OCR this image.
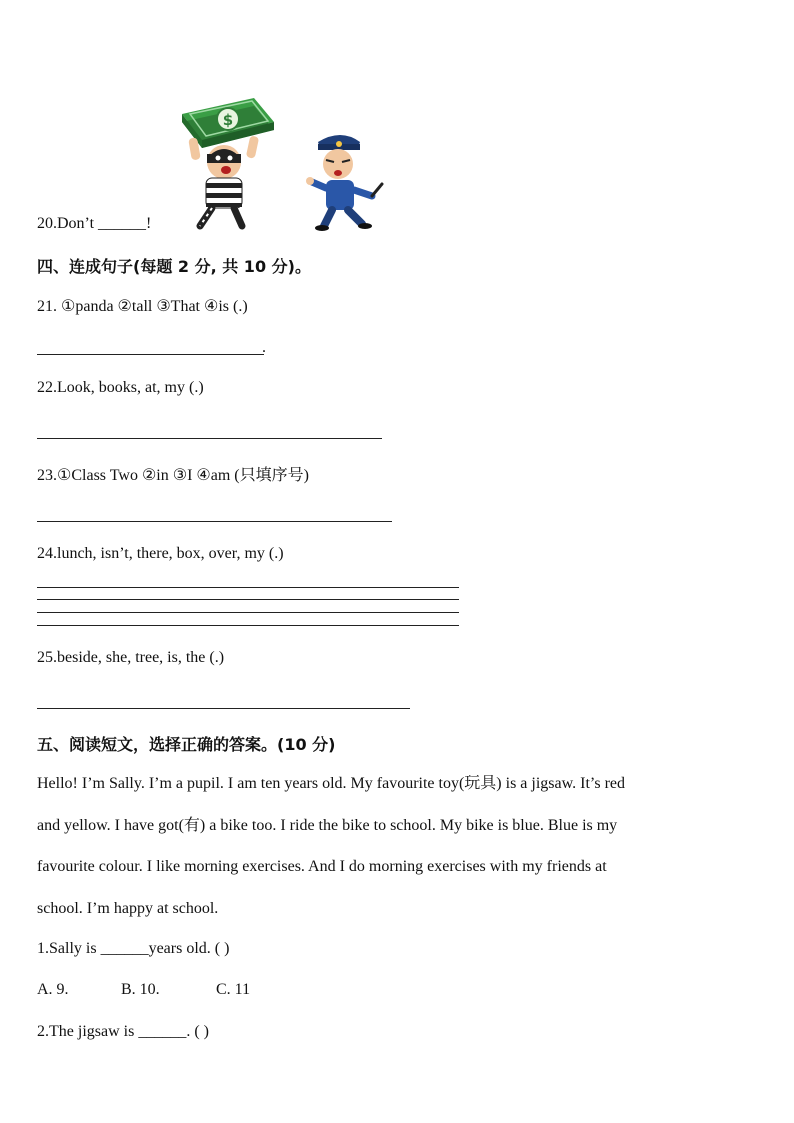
$
20.Don’t ______!
四、连成句子(每题 2 分, 共 10 分)。
21. ①panda ②tall ③That ④is (.)
.
22.Look, books, at, my (.)
23.①Class Two ②in ③I ④am (只填序号)
24.lunch, isn’t, there, box, over, my (.)
25.beside, she, tree, is, the (.)
五、阅读短文，选择正确的答案。(10 分)
Hello! I’m Sally. I’m a pupil. I am ten years old. My favourite toy(玩具) is a jigsaw. It’s red
and yellow. I have got(有) a bike too. I ride the bike to school. My bike is blue. Blue is my
favourite colour. I like morning exercises. And I do morning exercises with my friends at
school. I’m happy at school.
1.Sally is ______years old. ( )
A. 9.	B. 10.	C. 11
2.The jigsaw is ______. ( )
